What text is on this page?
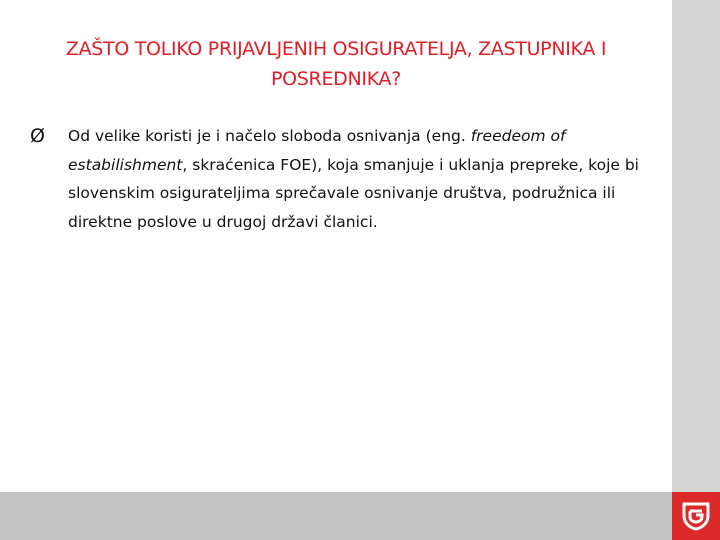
ZAŠTO TOLIKO PRIJAVLJENIH OSIGURATELJA, ZASTUPNIKA I
POSREDNIKA?
Ø Od velike koristi je i načelo sloboda osnivanja (eng. freedeom of estabilishment, skraćenica FOE), koja smanjuje i uklanja prepreke, koje bi slovenskim osigurateljima sprečavale osnivanje društva, podružnica ili direktne poslove u drugoj državi članici.
